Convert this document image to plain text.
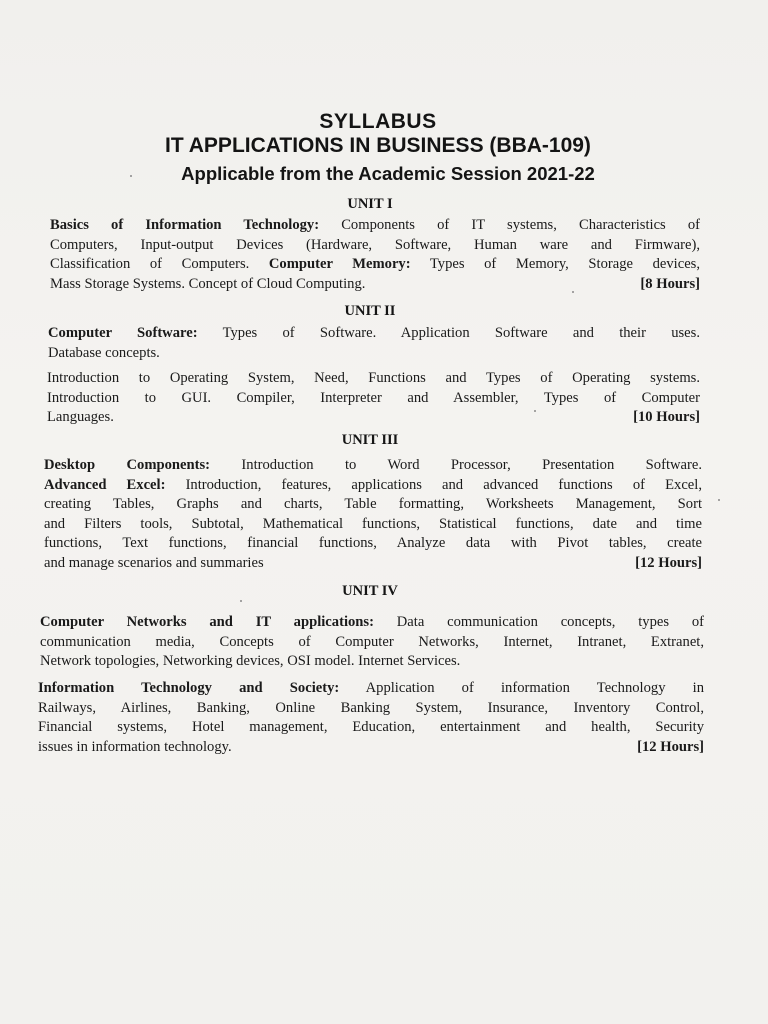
SYLLABUS
IT APPLICATIONS IN BUSINESS (BBA-109)
Applicable from the Academic Session 2021-22
UNIT I
Basics of Information Technology: Components of IT systems, Characteristics of
Computers, Input-output Devices (Hardware, Software, Human ware and Firmware),
Classification of Computers. Computer Memory: Types of Memory, Storage devices,
Mass Storage Systems. Concept of Cloud Computing.	[8 Hours]
UNIT II
Computer Software: Types of Software. Application Software and their uses.
Database concepts.
Introduction to Operating System, Need, Functions and Types of Operating systems.
Introduction to GUI. Compiler, Interpreter and Assembler, Types of Computer
Languages.	[10 Hours]
UNIT III
Desktop Components: Introduction to Word Processor, Presentation Software.
Advanced Excel: Introduction, features, applications and advanced functions of Excel,
creating Tables, Graphs and charts, Table formatting, Worksheets Management, Sort
and Filters tools, Subtotal, Mathematical functions, Statistical functions, date and time
functions, Text functions, financial functions, Analyze data with Pivot tables, create
and manage scenarios and summaries	[12 Hours]
UNIT IV
Computer Networks and IT applications: Data communication concepts, types of
communication media, Concepts of Computer Networks, Internet, Intranet, Extranet,
Network topologies, Networking devices, OSI model. Internet Services.
Information Technology and Society: Application of information Technology in
Railways, Airlines, Banking, Online Banking System, Insurance, Inventory Control,
Financial systems, Hotel management, Education, entertainment and health, Security
issues in information technology.	[12 Hours]
